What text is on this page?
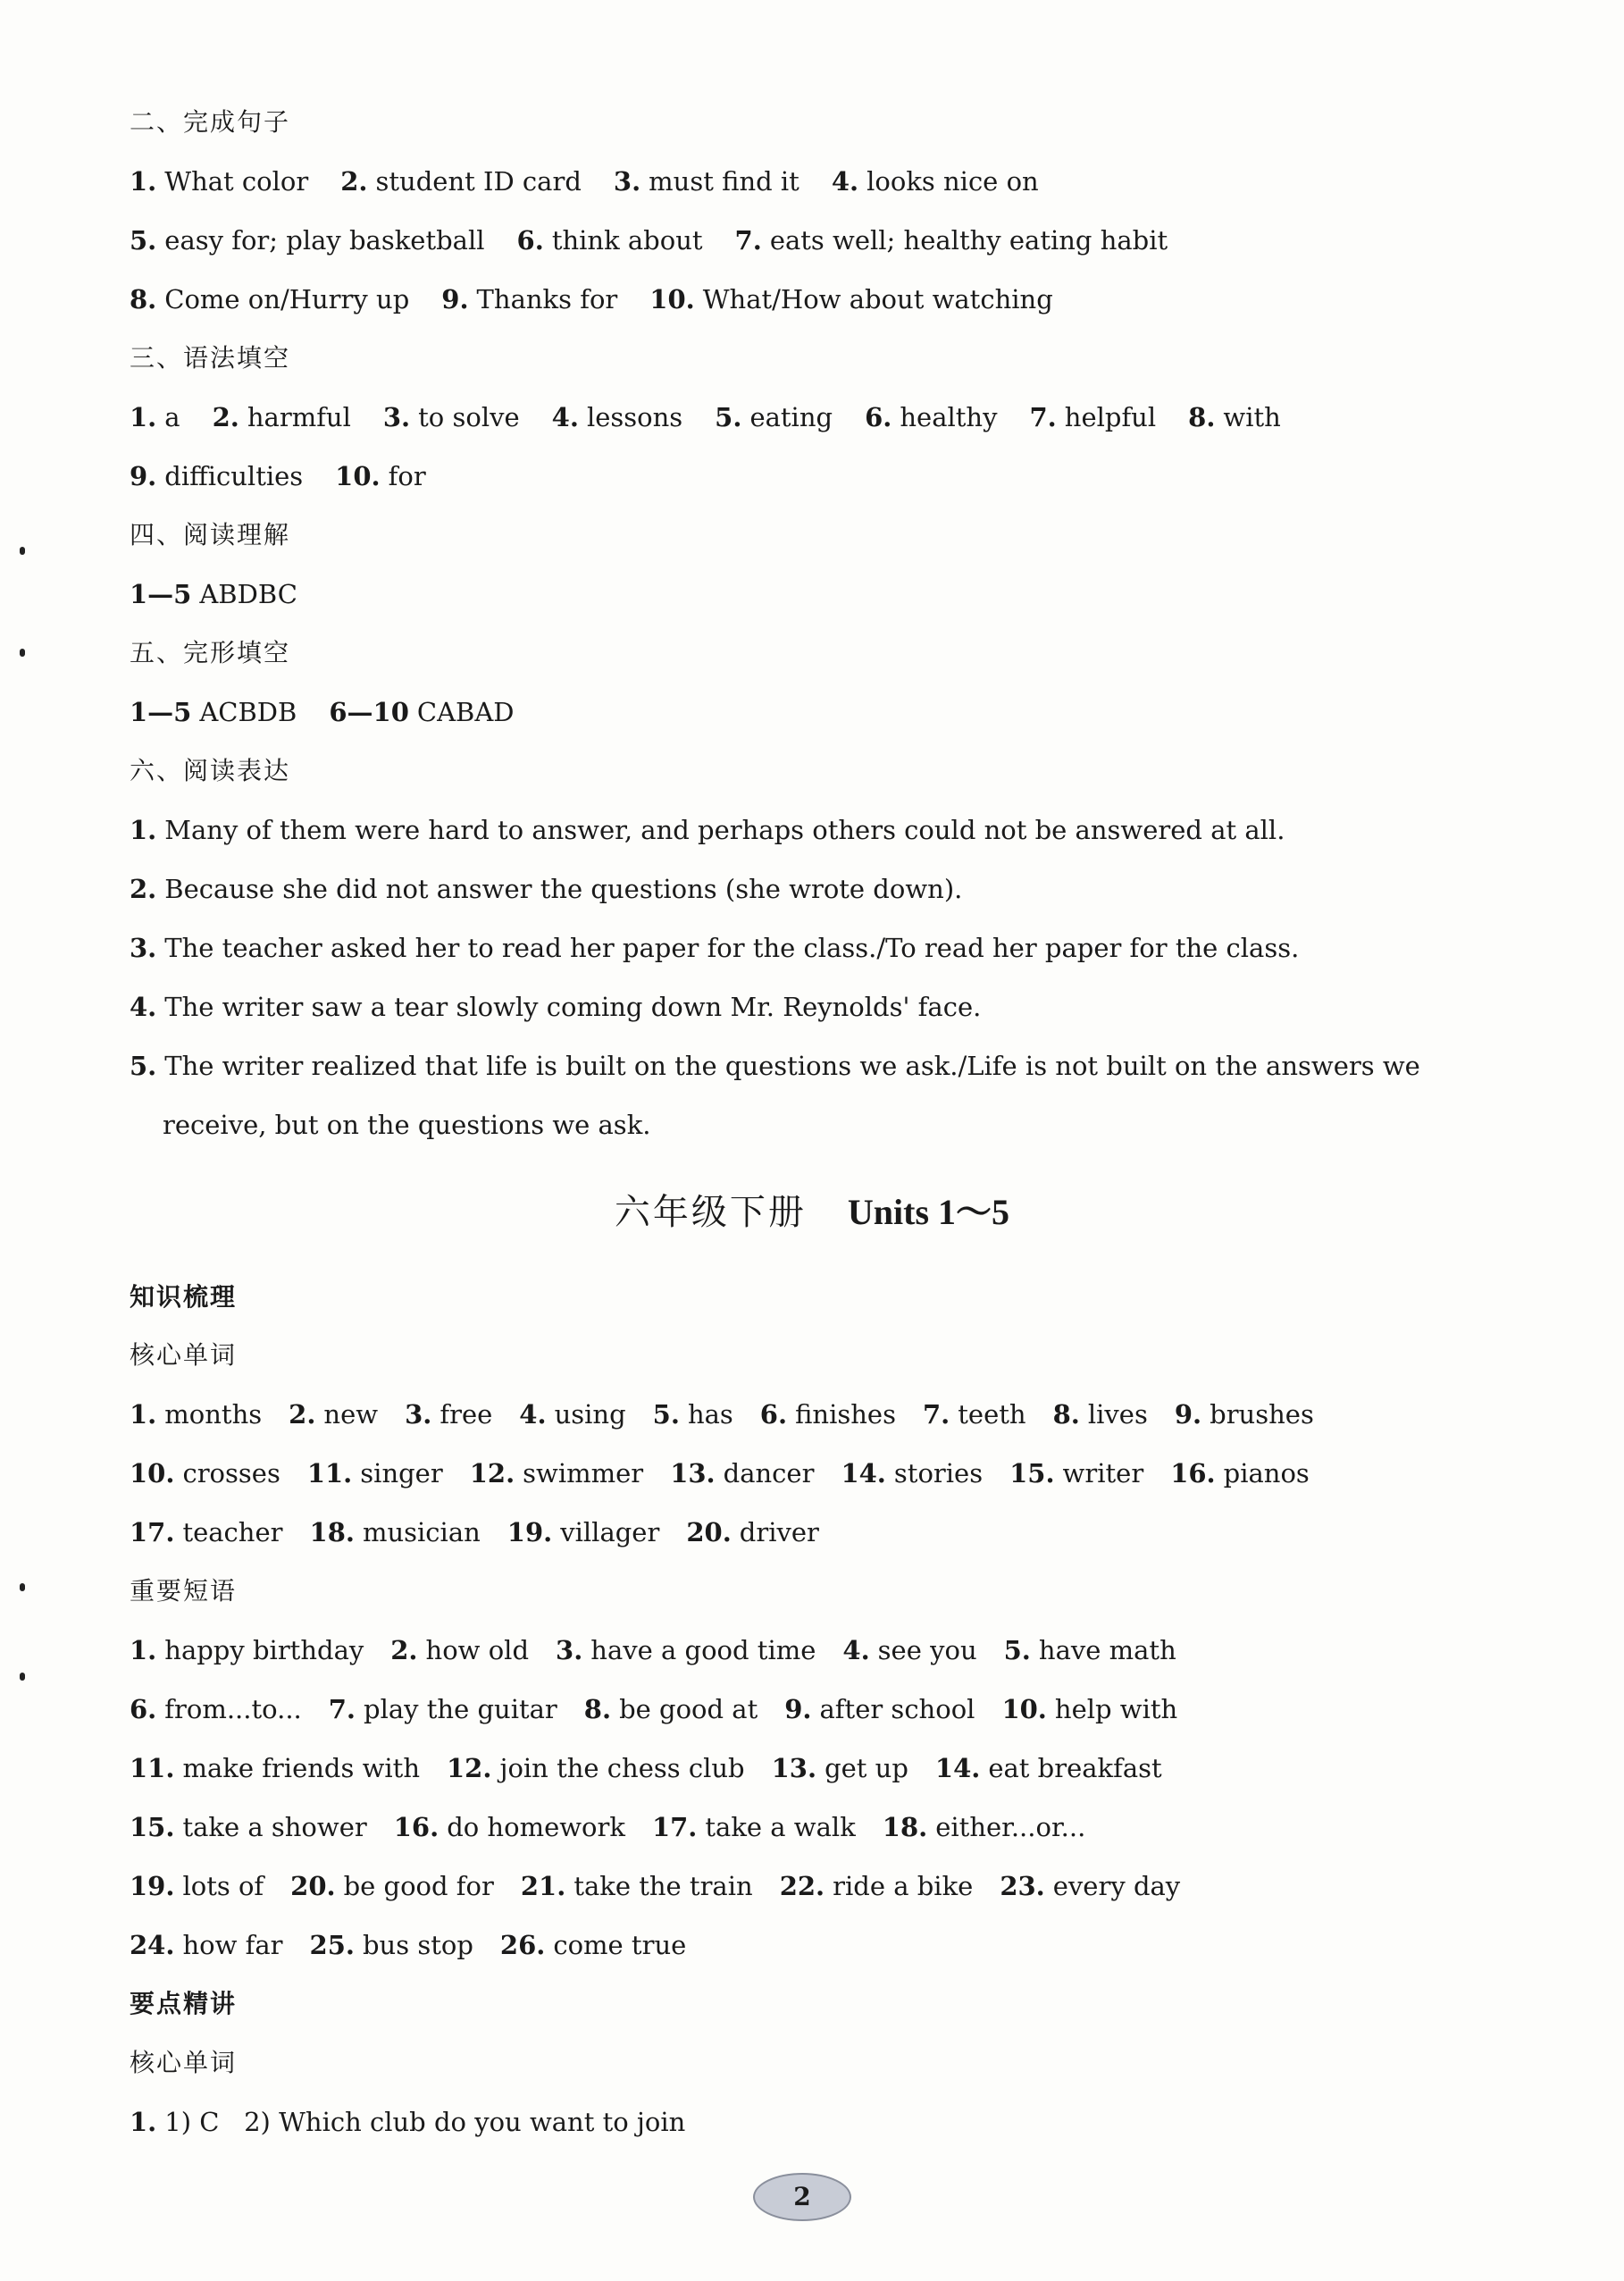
二、完成句子
1. What color 2. student ID card 3. must find it 4. looks nice on
5. easy for; play basketball 6. think about 7. eats well; healthy eating habit
8. Come on/Hurry up 9. Thanks for 10. What/How about watching
三、语法填空
1. a 2. harmful 3. to solve 4. lessons 5. eating 6. healthy 7. helpful 8. with
9. difficulties 10. for
四、阅读理解
1—5 ABDBC
五、完形填空
1—5 ACBDB 6—10 CABAD
六、阅读表达
1. Many of them were hard to answer, and perhaps others could not be answered at all.
2. Because she did not answer the questions (she wrote down).
3. The teacher asked her to read her paper for the class./To read her paper for the class.
4. The writer saw a tear slowly coming down Mr. Reynolds' face.
5. The writer realized that life is built on the questions we ask./Life is not built on the answers we
receive, but on the questions we ask.
六年级下册 Units 1～5
知识梳理
核心单词
1. months 2. new 3. free 4. using 5. has 6. finishes 7. teeth 8. lives 9. brushes
10. crosses 11. singer 12. swimmer 13. dancer 14. stories 15. writer 16. pianos
17. teacher 18. musician 19. villager 20. driver
重要短语
1. happy birthday 2. how old 3. have a good time 4. see you 5. have math
6. from...to... 7. play the guitar 8. be good at 9. after school 10. help with
11. make friends with 12. join the chess club 13. get up 14. eat breakfast
15. take a shower 16. do homework 17. take a walk 18. either...or...
19. lots of 20. be good for 21. take the train 22. ride a bike 23. every day
24. how far 25. bus stop 26. come true
要点精讲
核心单词
1. 1) C   2) Which club do you want to join
2
